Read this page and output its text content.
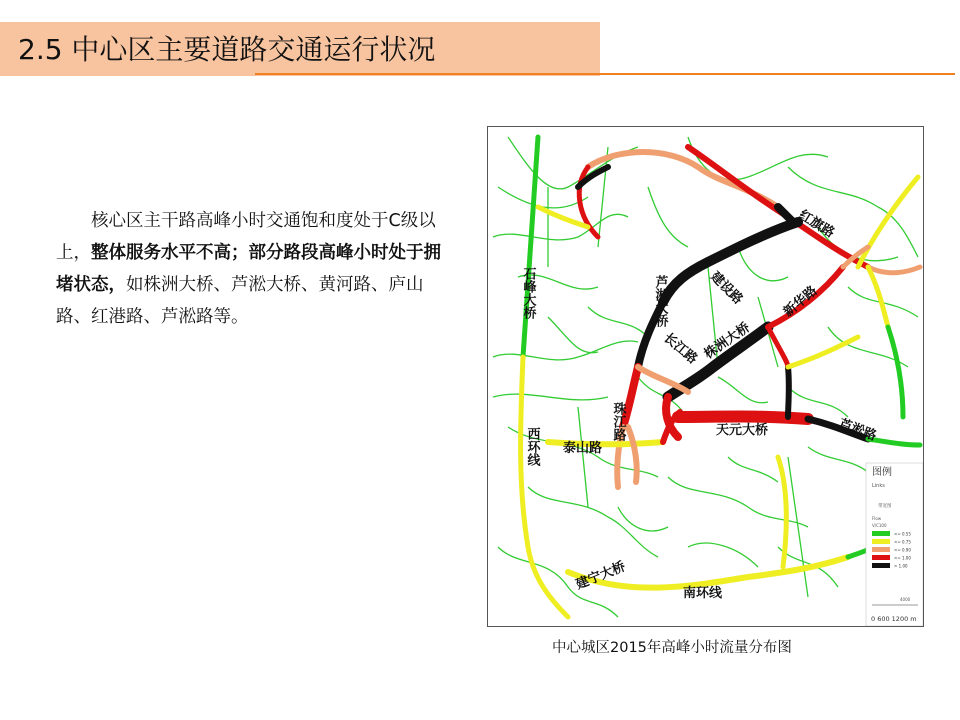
2.5 中心区主要道路交通运行状况
核心区主干路高峰小时交通饱和度处于C级以上，整体服务水平不高；部分路段高峰小时处于拥堵状态，如株洲大桥、芦淞大桥、黄河路、庐山路、红港路、芦淞路等。	石峰大桥	芦淞大桥
红旗路
建设路	新华路
长江路 株洲大桥
珠江路
西环线 泰山路
天元大桥	芦淞路
建宁大桥
南环线
图例
Links
带宽图
Flow
V/C100
<= 0.55
<= 0.75
<= 0.90
<= 1.00
> 1.00
4000
0 600 1200 m
中心城区2015年高峰小时流量分布图
